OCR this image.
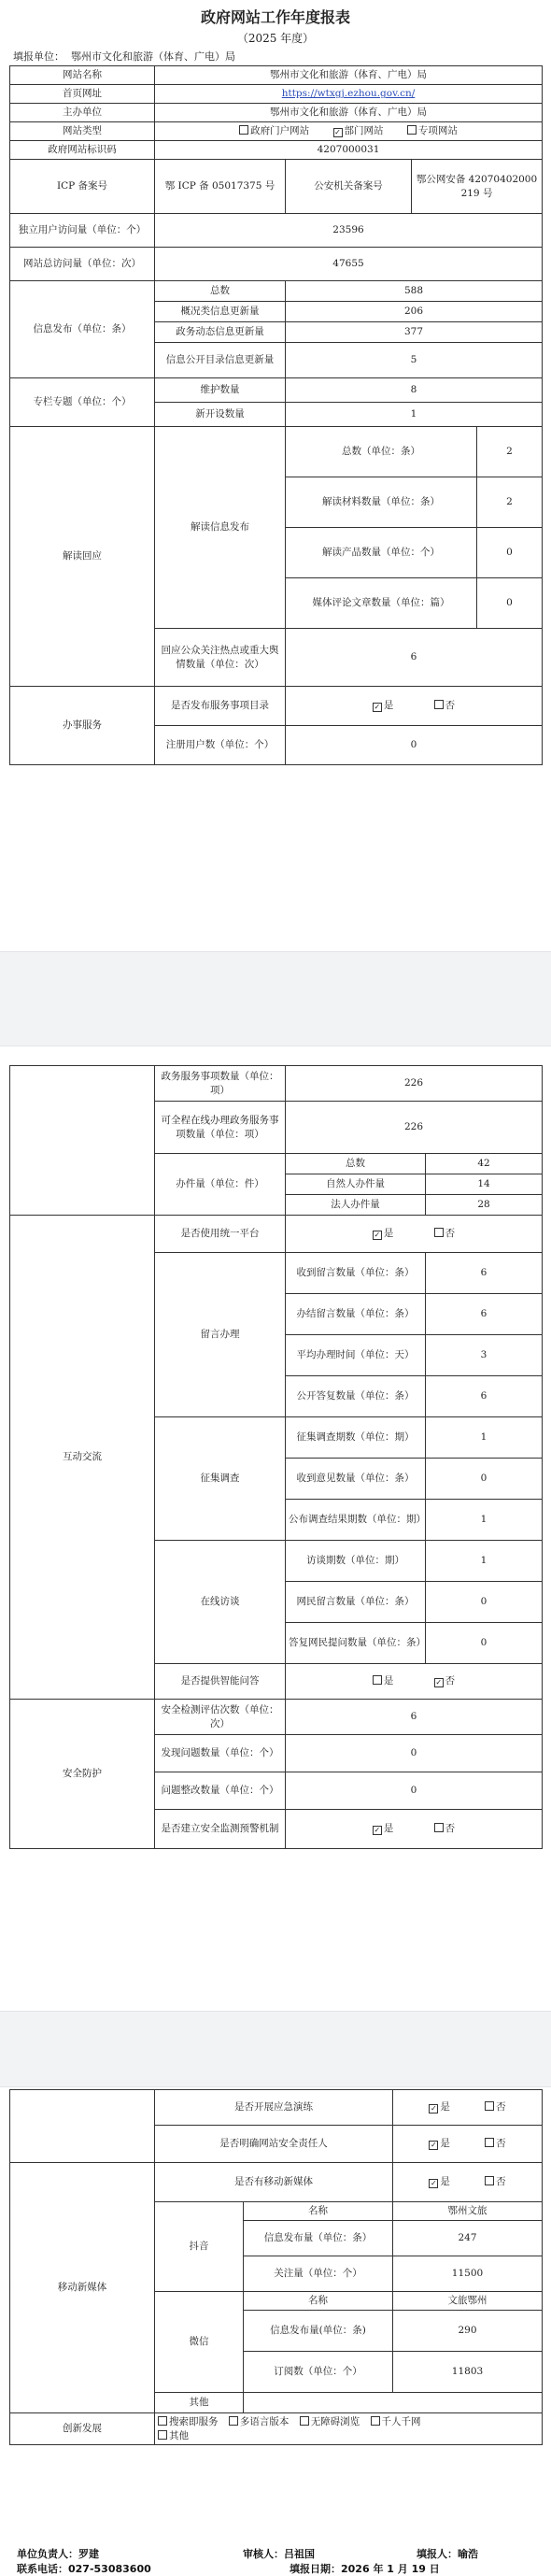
政府网站工作年度报表
（2025 年度）
填报单位： 鄂州市文化和旅游（体育、广电）局
网站名称	鄂州市文化和旅游（体育、广电）局		
首页网址	https://wtxgj.ezhou.gov.cn/		
主办单位	鄂州市文化和旅游（体育、广电）局		
网站类型	政府门户网站 ✓ 部门网站 专项网站		
政府网站标识码	4207000031		
ICP 备案号	鄂 ICP 备 05017375 号	公安机关备案号	鄂公网安备 42070402000219 号
独立用户访问量（单位：个）	23596		
网站总访问量（单位：次）	47655		
信息发布（单位：条）	总数	588	
	概况类信息更新量	206	
	政务动态信息更新量	377	
	信息公开目录信息更新量	5	
专栏专题（单位：个）	维护数量	8	
	新开设数量	1	
解读回应	解读信息发布	总数（单位：条）	2
		解读材料数量（单位：条）	2
		解读产品数量（单位：个）	0
		媒体评论文章数量（单位：篇）	0
	回应公众关注热点或重大舆情数量（单位：次）	6	
办事服务	是否发布服务事项目录	✓ 是 否	
	注册用户数（单位：个）	0	
	政务服务事项数量（单位：项）	226	
	可全程在线办理政务服务事项数量（单位：项）	226	
	办件量（单位：件）	总数	42
		自然人办件量	14
		法人办件量	28

互动交流	是否使用统一平台	✓ 是 否	
	留言办理	收到留言数量（单位：条）	6
		办结留言数量（单位：条）	6
		平均办理时间（单位：天）	3
		公开答复数量（单位：条）	6
	征集调查	征集调查期数（单位：期）	1
		收到意见数量（单位：条）	0
		公布调查结果期数（单位：期）	1
	在线访谈	访谈期数（单位：期）	1
		网民留言数量（单位：条）	0
		答复网民提问数量（单位：条）	0
	是否提供智能问答	是 ✓ 否	
安全防护	安全检测评估次数（单位：次）	6	
	发现问题数量（单位：个）	0	
	问题整改数量（单位：个）	0	
	是否建立安全监测预警机制	✓ 是 否	
	是否开展应急演练		✓ 是 否
	是否明确网站安全责任人		✓ 是 否
移动新媒体	是否有移动新媒体		✓ 是 否
	抖音	名称	鄂州文旅
		信息发布量（单位：条）	247
		关注量（单位：个）	11500
	微信	名称	文旅鄂州
		信息发布量(单位：条)	290
		订阅数（单位：个）	11803
	其他		
创新发展	搜索即服务 多语言版本 无障碍浏览 千人千网
其他		
单位负责人：罗建	审核人：吕祖国	填报人：喻浩
联系电话：027-53083600	填报日期：2026 年 1 月 19 日
